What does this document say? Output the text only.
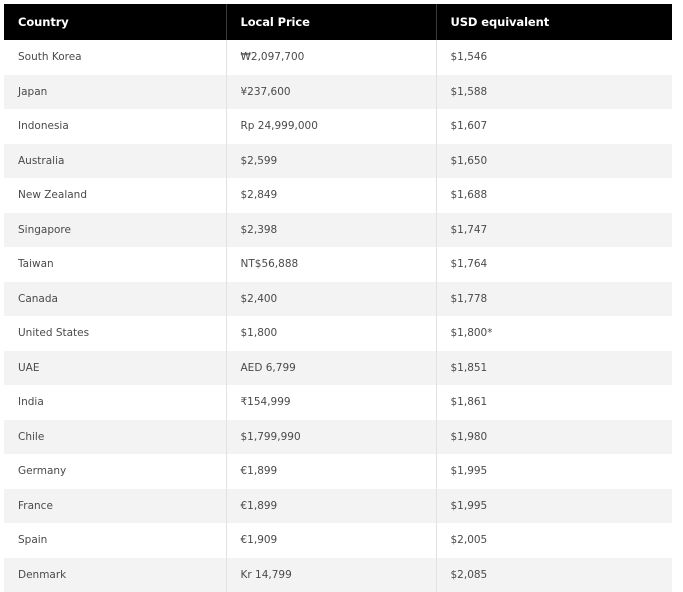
Country	Local Price	USD equivalent
South Korea	₩2,097,700	$1,546
Japan	¥237,600	$1,588
Indonesia	Rp 24,999,000	$1,607
Australia	$2,599	$1,650
New Zealand	$2,849	$1,688
Singapore	$2,398	$1,747
Taiwan	NT$56,888	$1,764
Canada	$2,400	$1,778
United States	$1,800	$1,800*
UAE	AED 6,799	$1,851
India	₹154,999	$1,861
Chile	$1,799,990	$1,980
Germany	€1,899	$1,995
France	€1,899	$1,995
Spain	€1,909	$2,005
Denmark	Kr 14,799	$2,085
